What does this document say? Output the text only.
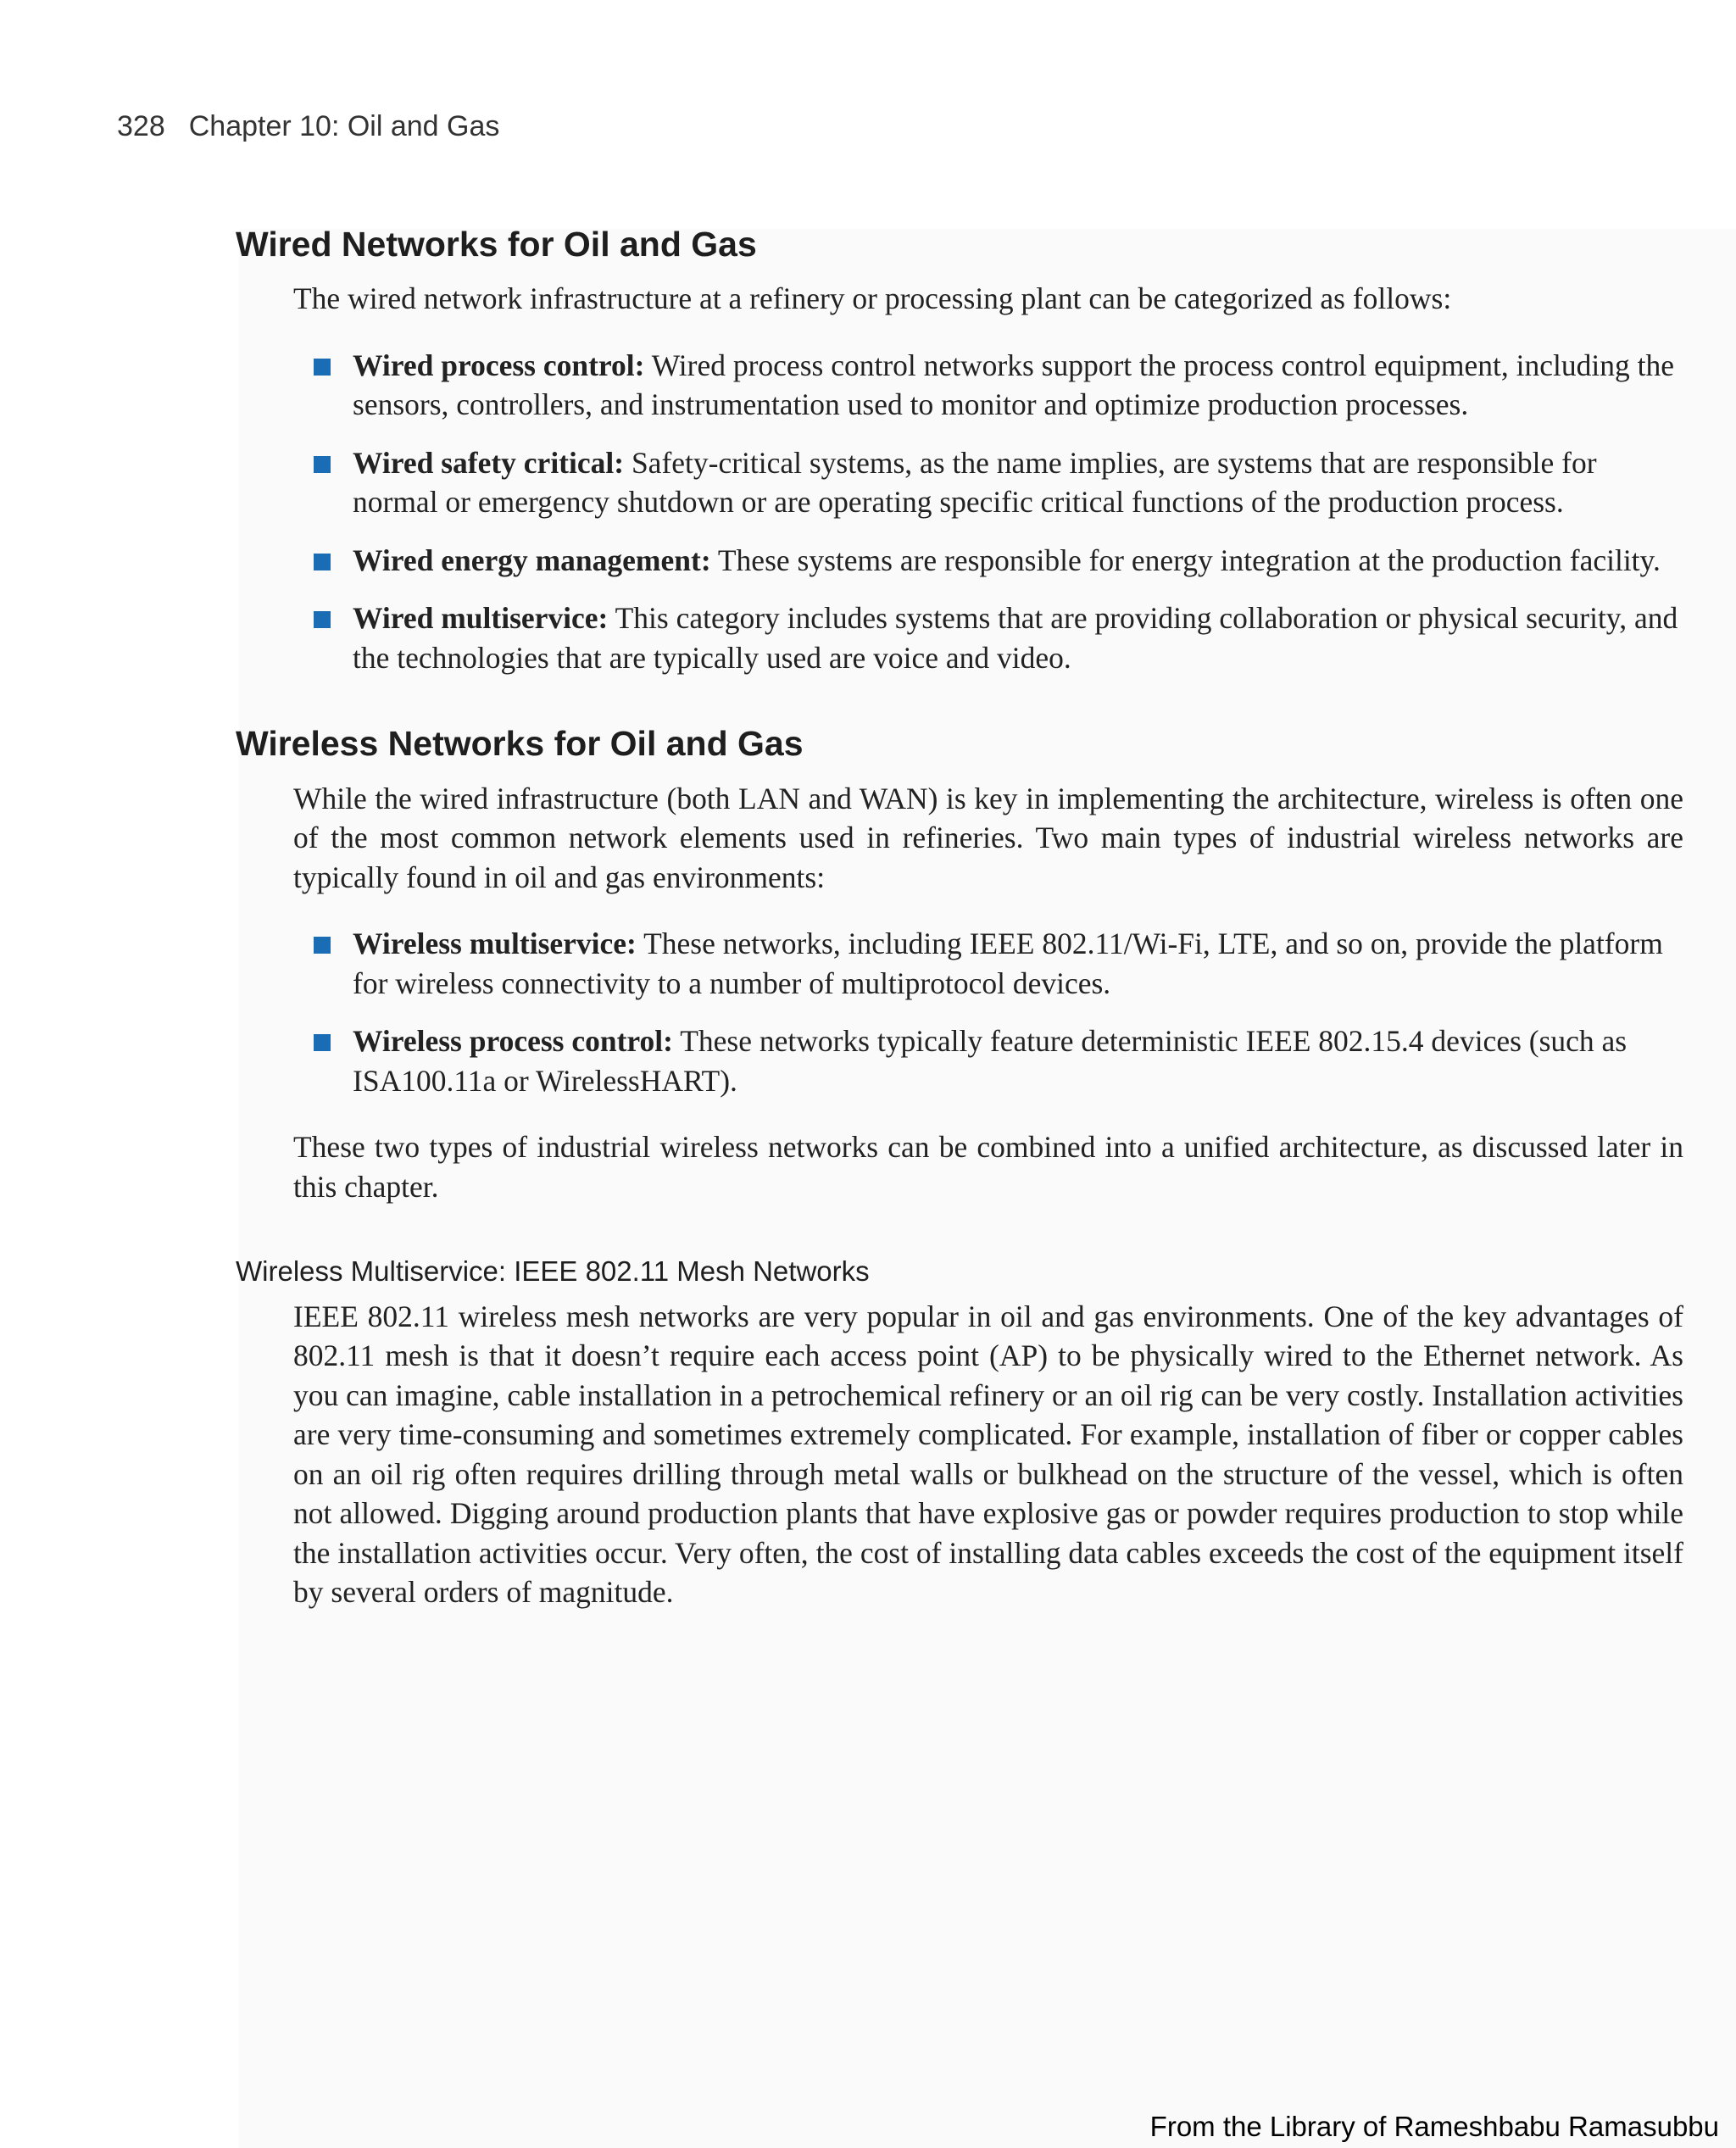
328 Chapter 10: Oil and Gas
Wired Networks for Oil and Gas

The wired network infrastructure at a refinery or processing plant can be categorized as follows:

Wired process control: Wired process control networks support the process control equipment, including the sensors, controllers, and instrumentation used to monitor and optimize production processes.
Wired safety critical: Safety-critical systems, as the name implies, are systems that are responsible for normal or emergency shutdown or are operating specific critical functions of the production process.
Wired energy management: These systems are responsible for energy integration at the production facility.
Wired multiservice: This category includes systems that are providing collaboration or physical security, and the technologies that are typically used are voice and video.
Wireless Networks for Oil and Gas

While the wired infrastructure (both LAN and WAN) is key in implementing the architecture, wireless is often one of the most common network elements used in refineries. Two main types of industrial wireless networks are typically found in oil and gas environments:

Wireless multiservice: These networks, including IEEE 802.11/Wi-Fi, LTE, and so on, provide the platform for wireless connectivity to a number of multiprotocol devices.
Wireless process control: These networks typically feature deterministic IEEE 802.15.4 devices (such as ISA100.11a or WirelessHART).

These two types of industrial wireless networks can be combined into a unified architecture, as discussed later in this chapter.

Wireless Multiservice: IEEE 802.11 Mesh Networks

IEEE 802.11 wireless mesh networks are very popular in oil and gas environments. One of the key advantages of 802.11 mesh is that it doesn’t require each access point (AP) to be physically wired to the Ethernet network. As you can imagine, cable installation in a petrochemical refinery or an oil rig can be very costly. Installation activities are very time-consuming and sometimes extremely complicated. For example, installation of fiber or copper cables on an oil rig often requires drilling through metal walls or bulkhead on the structure of the vessel, which is often not allowed. Digging around production plants that have explosive gas or powder requires production to stop while the installation activities occur. Very often, the cost of installing data cables exceeds the cost of the equipment itself by several orders of magnitude.

From the Library of Rameshbabu Ramasubbu
